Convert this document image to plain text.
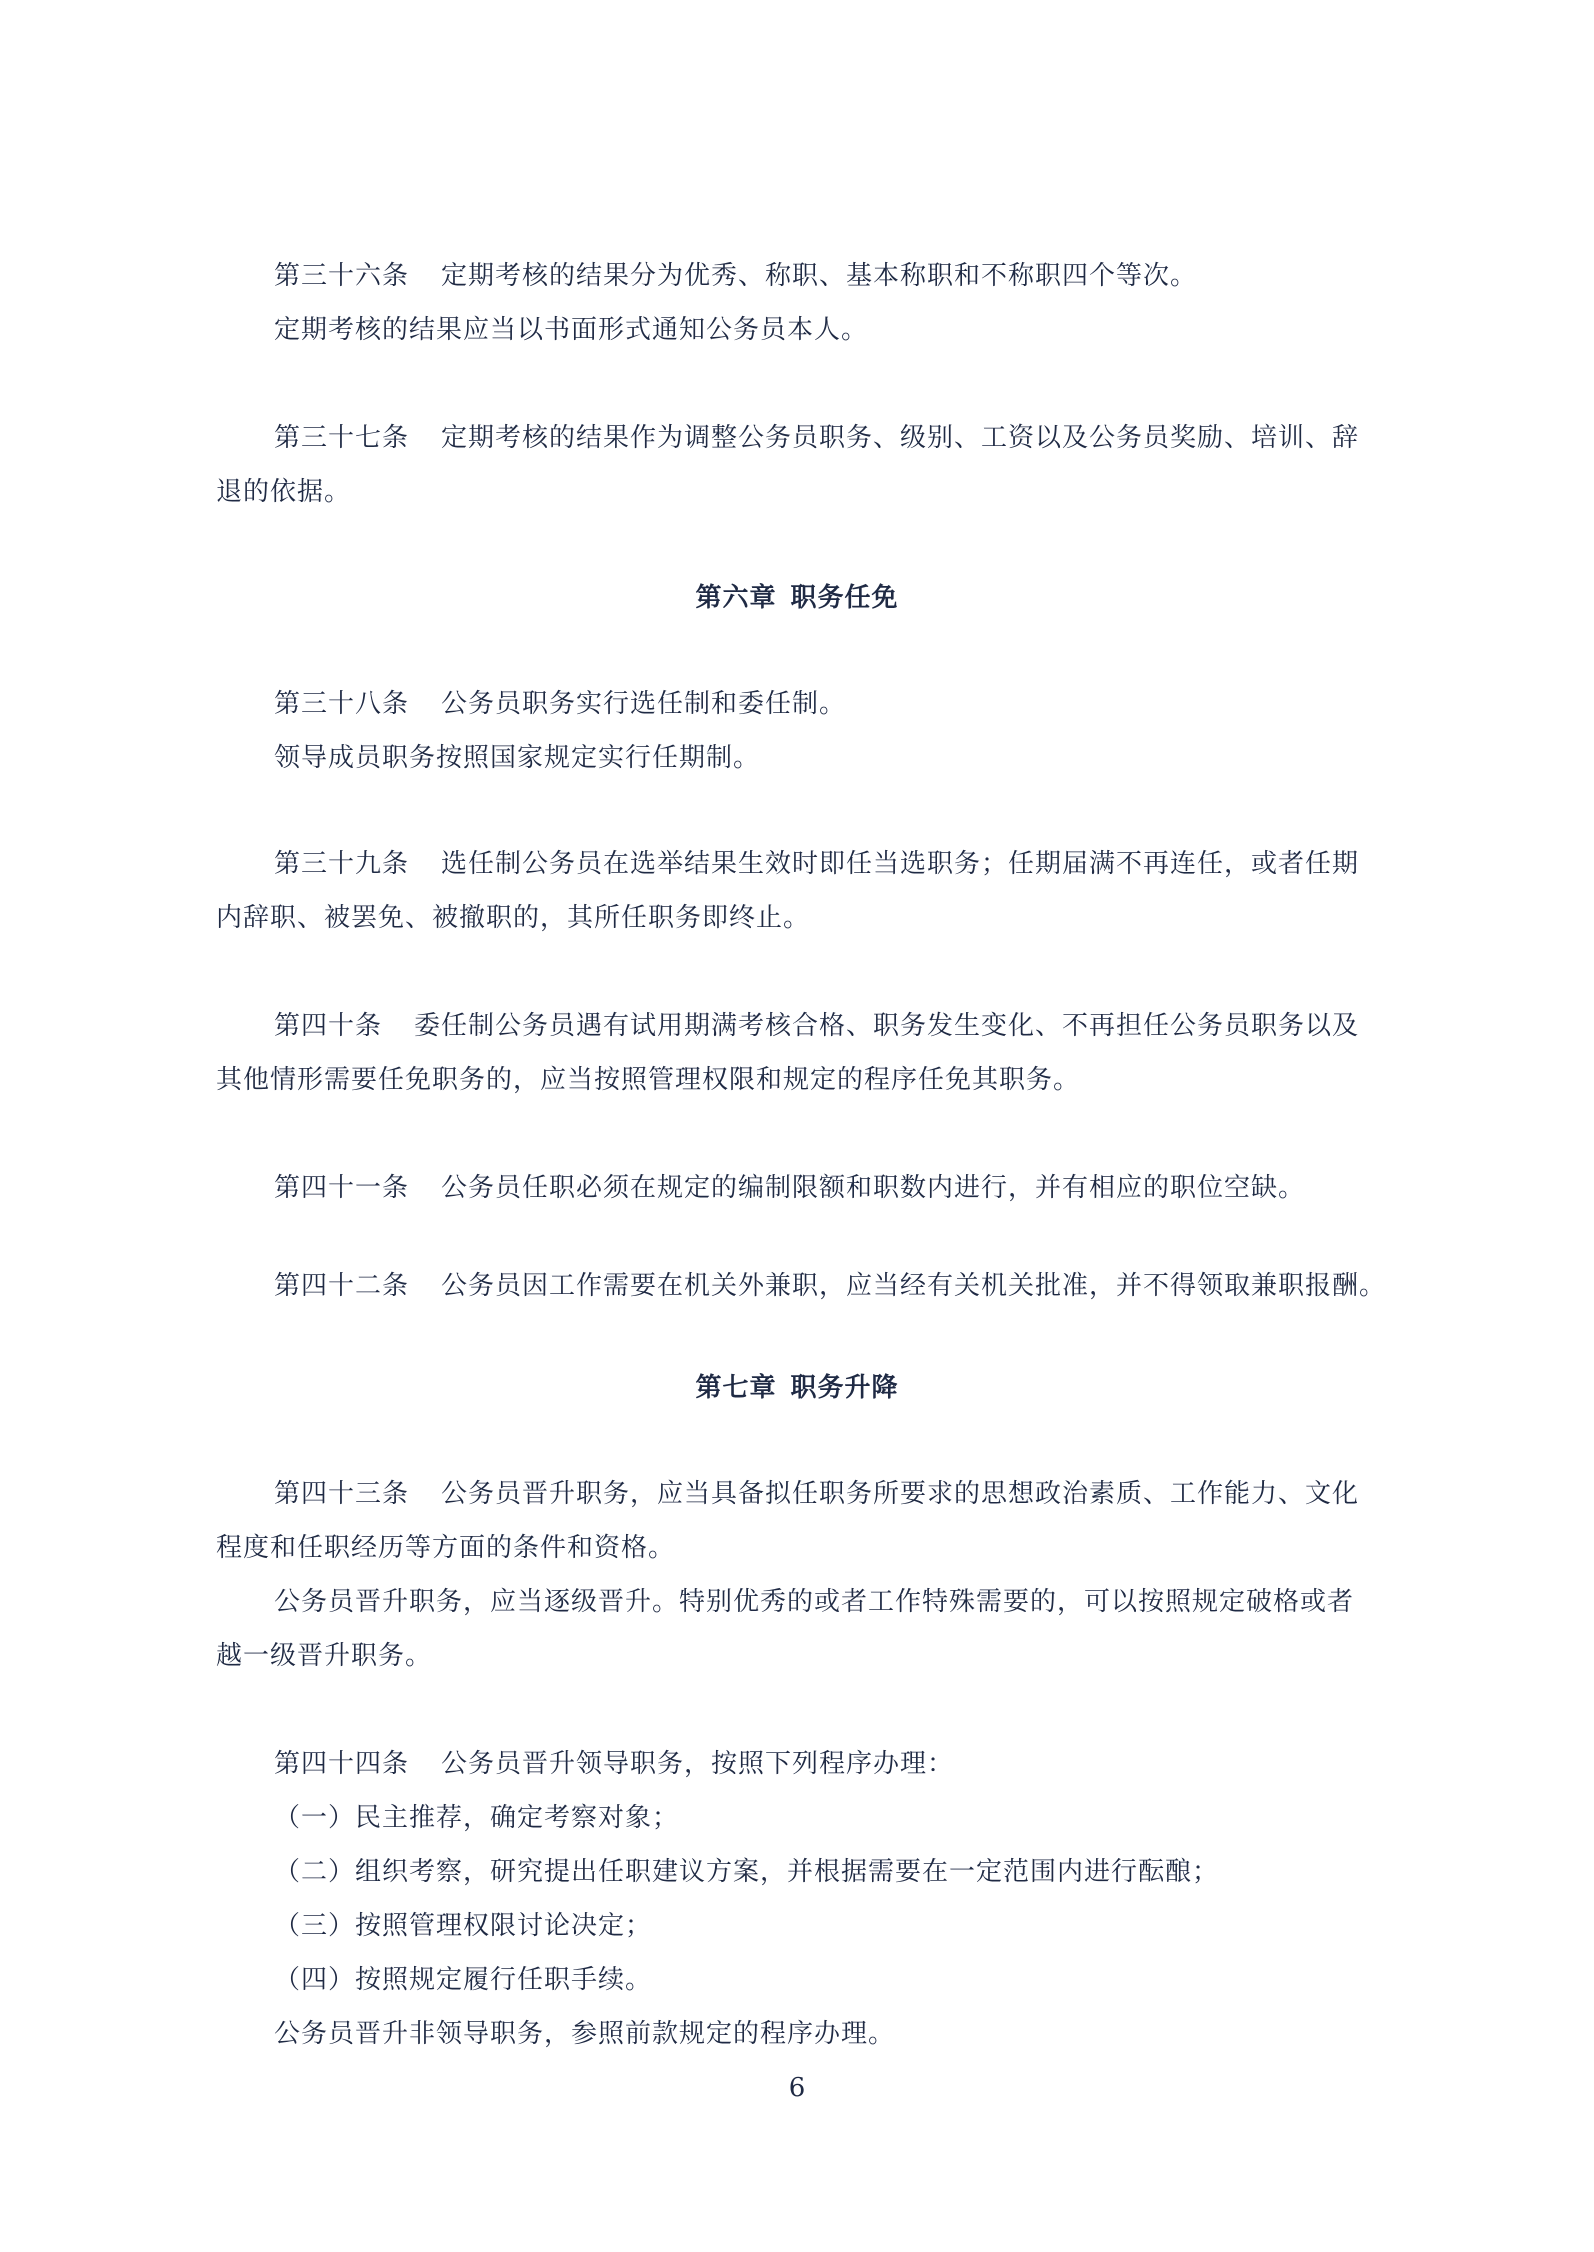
第三十六条 定期考核的结果分为优秀、称职、基本称职和不称职四个等次。
定期考核的结果应当以书面形式通知公务员本人。
第三十七条 定期考核的结果作为调整公务员职务、级别、工资以及公务员奖励、培训、辞
退的依据。
第六章 职务任免
第三十八条 公务员职务实行选任制和委任制。
领导成员职务按照国家规定实行任期制。
第三十九条 选任制公务员在选举结果生效时即任当选职务；任期届满不再连任，或者任期
内辞职、被罢免、被撤职的，其所任职务即终止。
第四十条 委任制公务员遇有试用期满考核合格、职务发生变化、不再担任公务员职务以及
其他情形需要任免职务的，应当按照管理权限和规定的程序任免其职务。
第四十一条 公务员任职必须在规定的编制限额和职数内进行，并有相应的职位空缺。
第四十二条 公务员因工作需要在机关外兼职，应当经有关机关批准，并不得领取兼职报酬。
第七章 职务升降
第四十三条 公务员晋升职务，应当具备拟任职务所要求的思想政治素质、工作能力、文化
程度和任职经历等方面的条件和资格。
公务员晋升职务，应当逐级晋升。特别优秀的或者工作特殊需要的，可以按照规定破格或者
越一级晋升职务。
第四十四条 公务员晋升领导职务，按照下列程序办理：
（一）民主推荐，确定考察对象；
（二）组织考察，研究提出任职建议方案，并根据需要在一定范围内进行酝酿；
（三）按照管理权限讨论决定；
（四）按照规定履行任职手续。
公务员晋升非领导职务，参照前款规定的程序办理。
6
